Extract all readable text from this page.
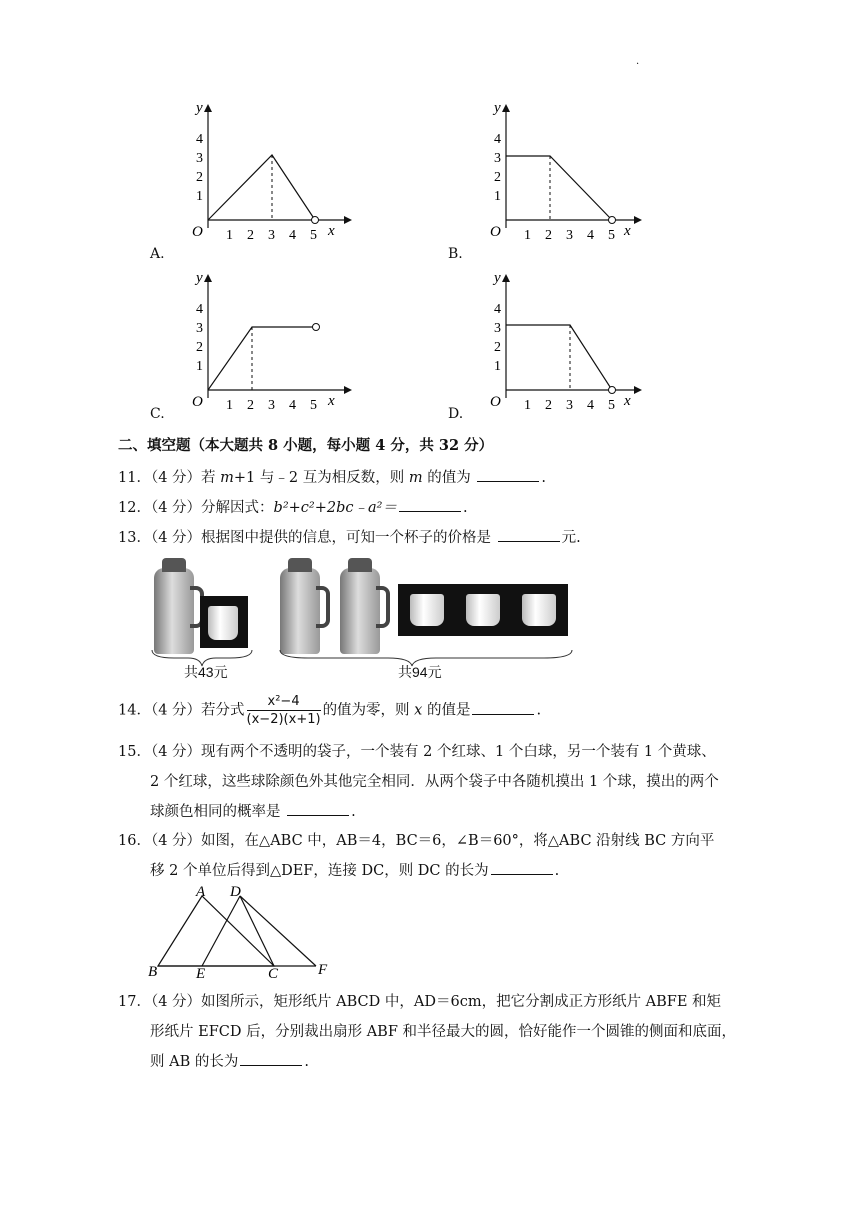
.
y
4
3
2
1
O 1 2 3 4 5 x
A.
y
4
3
2
1
O 1 2 3 4 5 x
B.
y
4
3
2
1
O 1 2 3 4 5 x
C.
y
4
3
2
1
O 1 2 3 4 5 x
D.
二、填空题（本大题共 8 小题，每小题 4 分，共 32 分）
11．（4 分）若 m+1 与﹣2 互为相反数，则 m 的值为	.
12．（4 分）分解因式：b²+c²+2bc﹣a²＝	.
13．（4 分）根据图中提供的信息，可知一个杯子的价格是	元.
共43元	共94元
14．（4 分）若分式 $\frac{\text{x²−4}}{(x-2)(x+1)}$ 的值为零，则 x 的值是	.
15．（4 分）现有两个不透明的袋子，一个装有 2 个红球、1 个白球，另一个装有 1 个黄球、
2 个红球，这些球除颜色外其他完全相同．从两个袋子中各随机摸出 1 个球，摸出的两个
球颜色相同的概率是	.
16．（4 分）如图，在△ABC 中，AB＝4，BC＝6，∠B＝60°，将△ABC 沿射线 BC 方向平
移 2 个单位后得到△DEF，连接 DC，则 DC 的长为	.
A D
B	E	C	F
17．（4 分）如图所示，矩形纸片 ABCD 中，AD＝6cm，把它分割成正方形纸片 ABFE 和矩
形纸片 EFCD 后，分别裁出扇形 ABF 和半径最大的圆，恰好能作一个圆锥的侧面和底面，
则 AB 的长为	.
